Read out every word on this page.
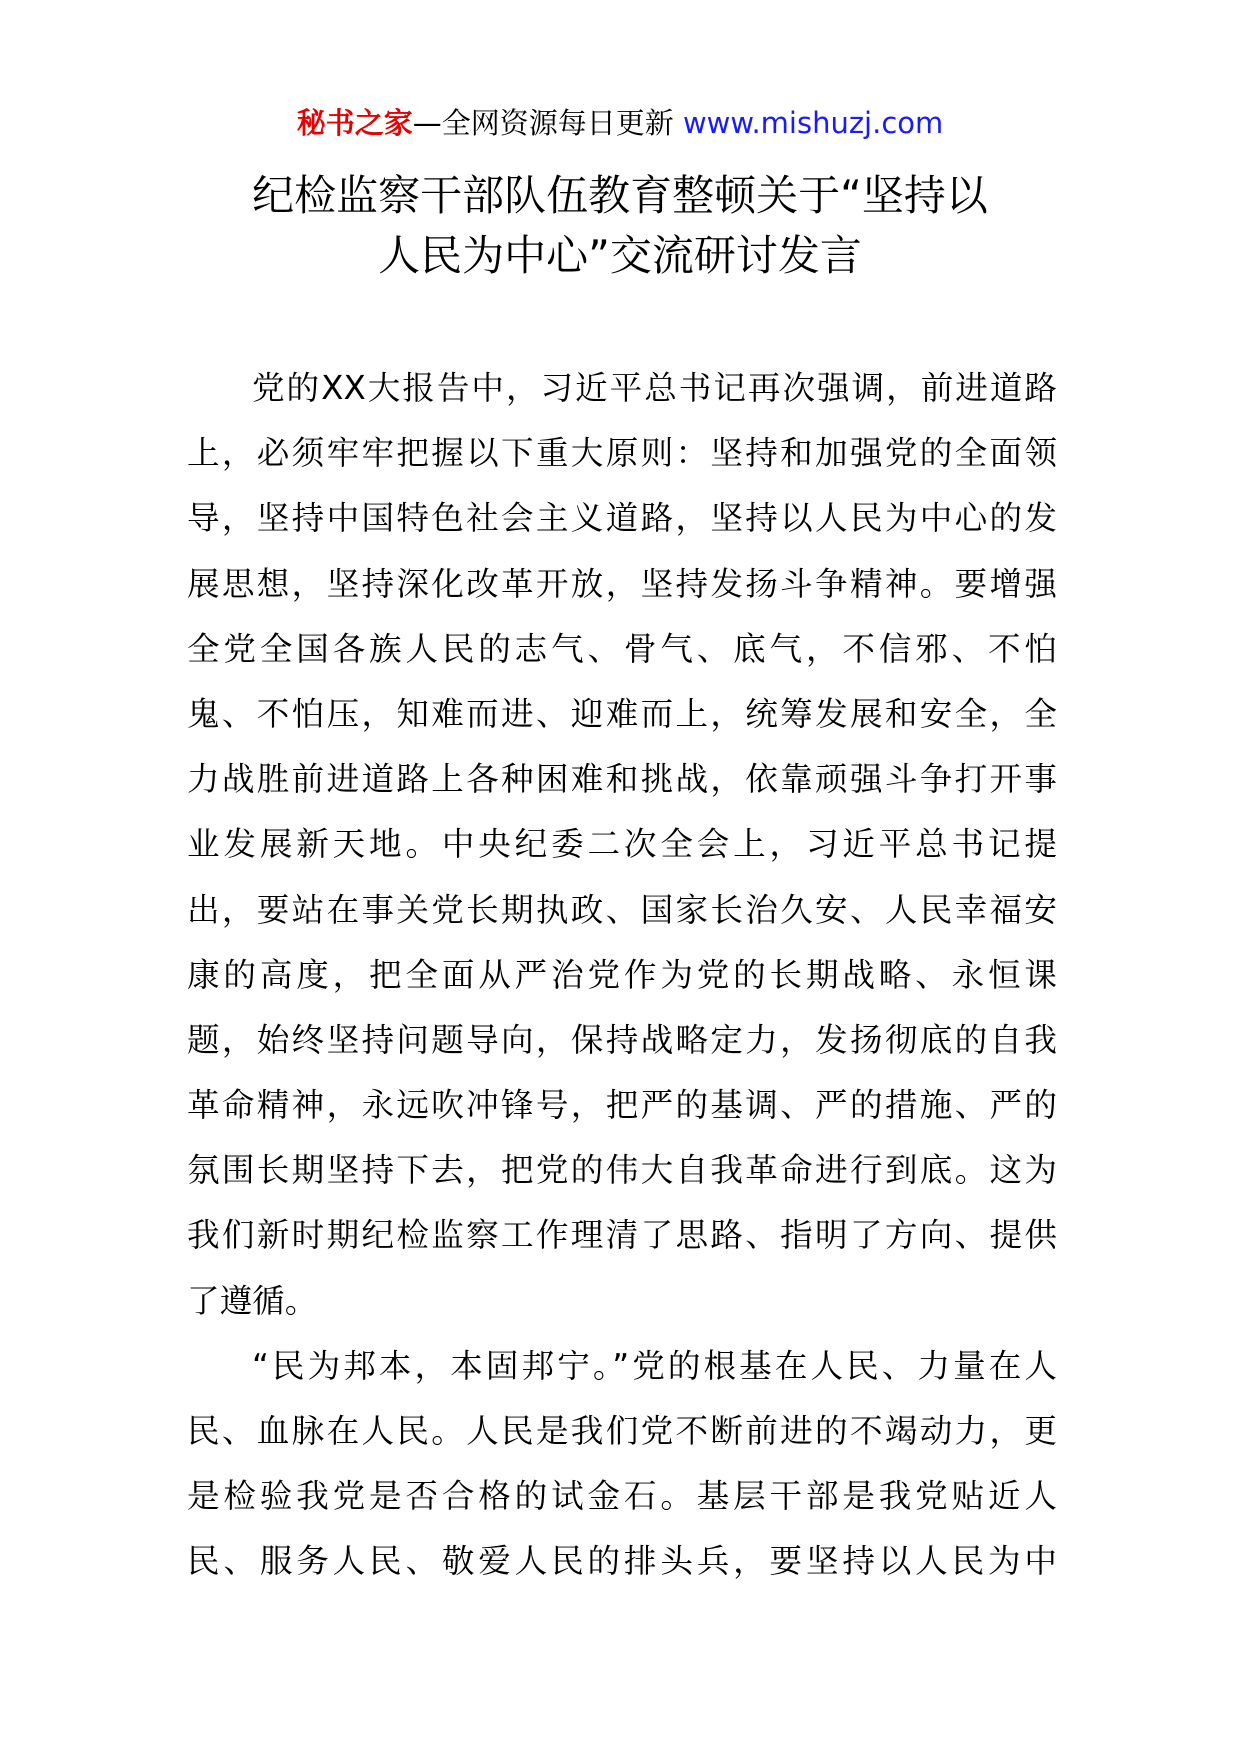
秘书之家—全网资源每日更新 www.mishuzj.com
纪检监察干部队伍教育整顿关于“坚持以
人民为中心”交流研讨发言
党的XX大报告中，习近平总书记再次强调，前进道路
上，必须牢牢把握以下重大原则：坚持和加强党的全面领
导，坚持中国特色社会主义道路，坚持以人民为中心的发
展思想，坚持深化改革开放，坚持发扬斗争精神。要增强
全党全国各族人民的志气、骨气、底气，不信邪、不怕
鬼、不怕压，知难而进、迎难而上，统筹发展和安全，全
力战胜前进道路上各种困难和挑战，依靠顽强斗争打开事
业发展新天地。中央纪委二次全会上，习近平总书记提
出，要站在事关党长期执政、国家长治久安、人民幸福安
康的高度，把全面从严治党作为党的长期战略、永恒课
题，始终坚持问题导向，保持战略定力，发扬彻底的自我
革命精神，永远吹冲锋号，把严的基调、严的措施、严的
氛围长期坚持下去，把党的伟大自我革命进行到底。这为
我们新时期纪检监察工作理清了思路、指明了方向、提供
了遵循。
“民为邦本，本固邦宁。”党的根基在人民、力量在人
民、血脉在人民。人民是我们党不断前进的不竭动力，更
是检验我党是否合格的试金石。基层干部是我党贴近人
民、服务人民、敬爱人民的排头兵，要坚持以人民为中
